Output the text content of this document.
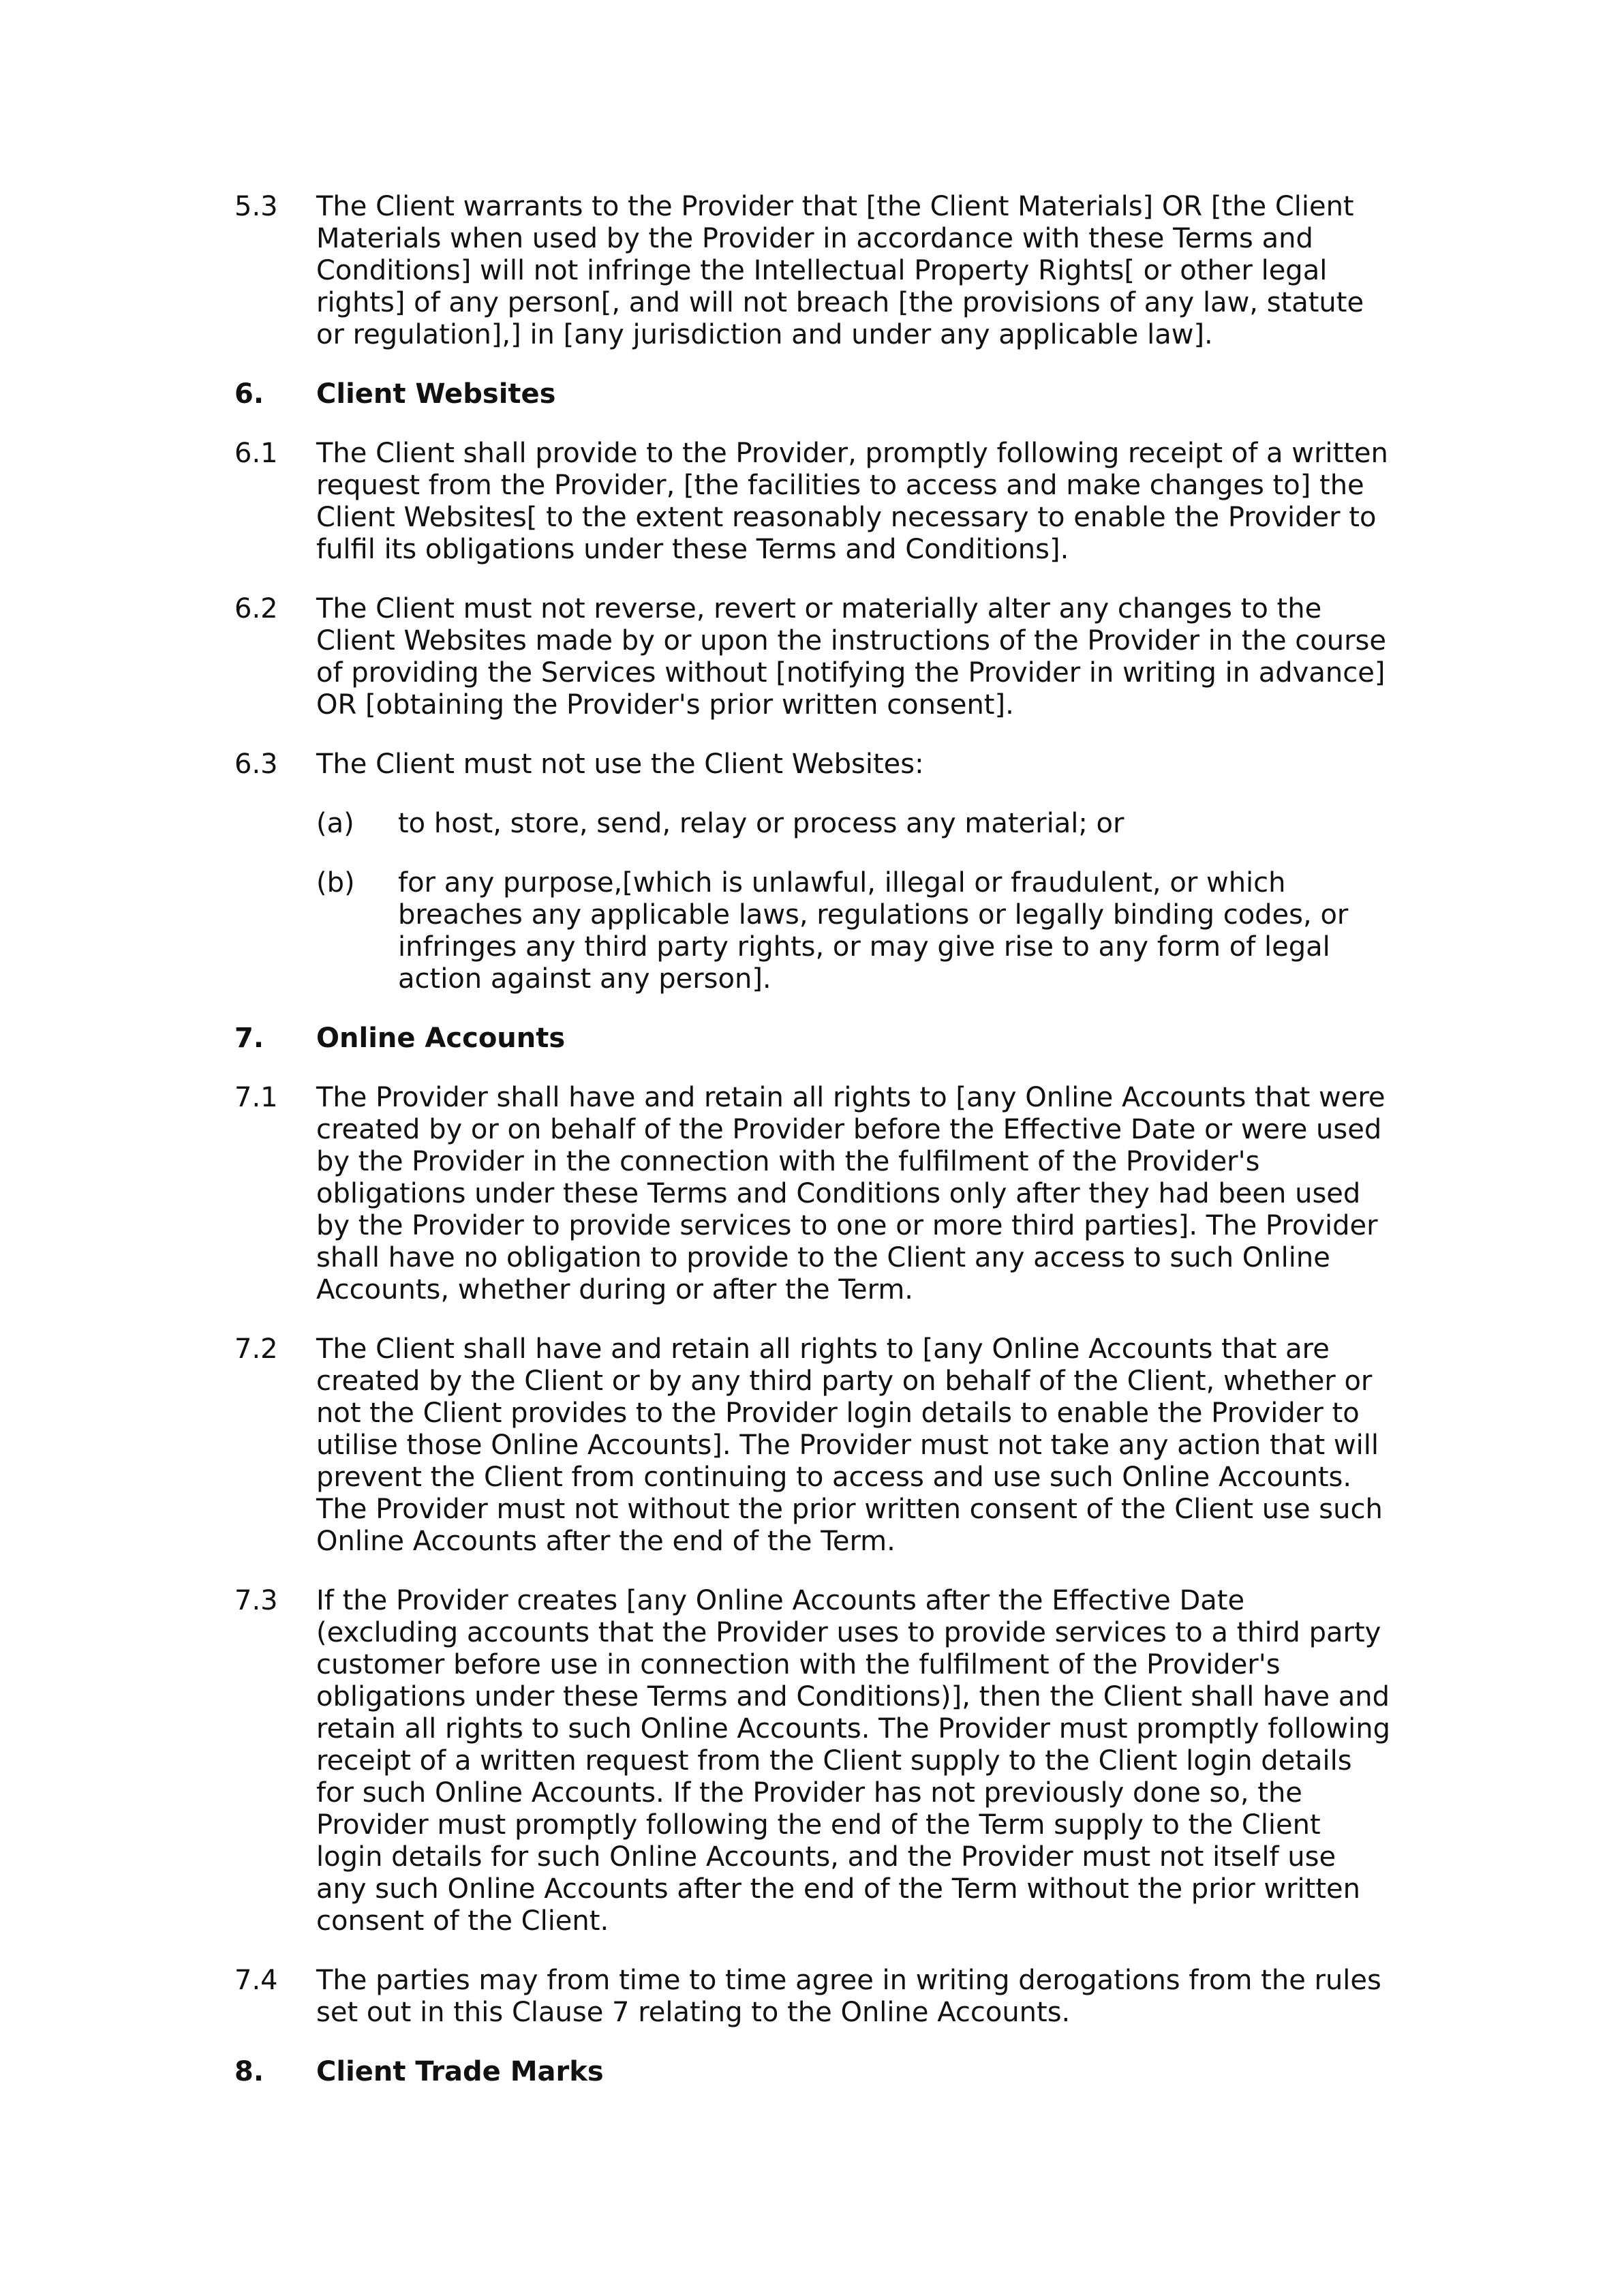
5.3	The Client warrants to the Provider that [the Client Materials] OR [the Client
Materials when used by the Provider in accordance with these Terms and
Conditions] will not infringe the Intellectual Property Rights[ or other legal
rights] of any person[, and will not breach [the provisions of any law, statute
or regulation],] in [any jurisdiction and under any applicable law].
6.	Client Websites
6.1	The Client shall provide to the Provider, promptly following receipt of a written
request from the Provider, [the facilities to access and make changes to] the
Client Websites[ to the extent reasonably necessary to enable the Provider to
fulfil its obligations under these Terms and Conditions].
6.2	The Client must not reverse, revert or materially alter any changes to the
Client Websites made by or upon the instructions of the Provider in the course
of providing the Services without [notifying the Provider in writing in advance]
OR [obtaining the Provider's prior written consent].
6.3	The Client must not use the Client Websites:
(a)	to host, store, send, relay or process any material; or
(b)	for any purpose,[which is unlawful, illegal or fraudulent, or which
breaches any applicable laws, regulations or legally binding codes, or
infringes any third party rights, or may give rise to any form of legal
action against any person].
7.	Online Accounts
7.1	The Provider shall have and retain all rights to [any Online Accounts that were
created by or on behalf of the Provider before the Effective Date or were used
by the Provider in the connection with the fulfilment of the Provider's
obligations under these Terms and Conditions only after they had been used
by the Provider to provide services to one or more third parties]. The Provider
shall have no obligation to provide to the Client any access to such Online
Accounts, whether during or after the Term.
7.2	The Client shall have and retain all rights to [any Online Accounts that are
created by the Client or by any third party on behalf of the Client, whether or
not the Client provides to the Provider login details to enable the Provider to
utilise those Online Accounts]. The Provider must not take any action that will
prevent the Client from continuing to access and use such Online Accounts.
The Provider must not without the prior written consent of the Client use such
Online Accounts after the end of the Term.
7.3	If the Provider creates [any Online Accounts after the Effective Date
(excluding accounts that the Provider uses to provide services to a third party
customer before use in connection with the fulfilment of the Provider's
obligations under these Terms and Conditions)], then the Client shall have and
retain all rights to such Online Accounts. The Provider must promptly following
receipt of a written request from the Client supply to the Client login details
for such Online Accounts. If the Provider has not previously done so, the
Provider must promptly following the end of the Term supply to the Client
login details for such Online Accounts, and the Provider must not itself use
any such Online Accounts after the end of the Term without the prior written
consent of the Client.
7.4	The parties may from time to time agree in writing derogations from the rules
set out in this Clause 7 relating to the Online Accounts.
8.	Client Trade Marks
